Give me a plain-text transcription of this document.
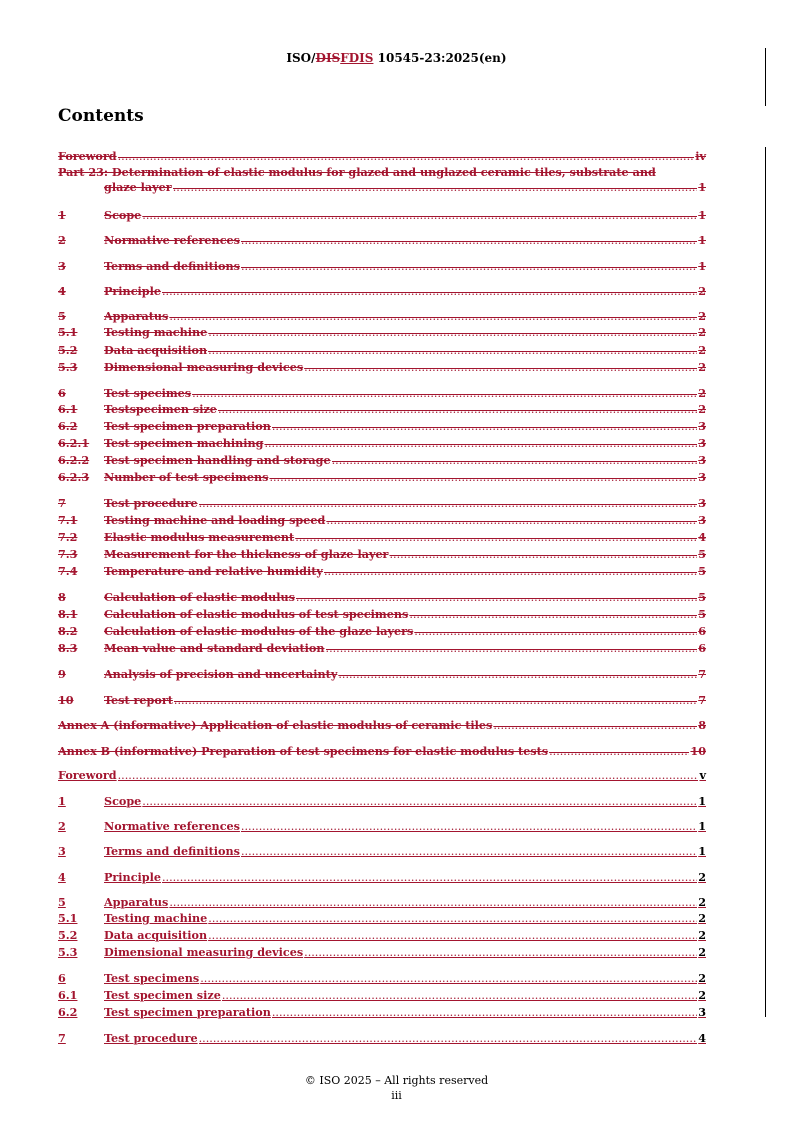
ISO/DISFDIS 10545-23:2025(en)
Contents
Foreword .....	iv
Part 23: Determination of elastic modulus for glazed and unglazed ceramic tiles, substrate and
glaze layer .....	1
1	Scope .....	1
2	Normative references .....	1
3	Terms and definitions .....	1
4	Principle .....	2
5	Apparatus .....	2
5.1	Testing machine .....	2
5.2	Data acquisition .....	2
5.3	Dimensional measuring devices .....	2
6	Test specimes .....	2
6.1	Testspecimen size .....	2
6.2	Test specimen preparation .....	3
6.2.1	Test specimen machining .....	3
6.2.2	Test specimen handling and storage .....	3
6.2.3	Number of test specimens .....	3
7	Test procedure .....	3
7.1	Testing machine and loading speed .....	3
7.2	Elastic modulus measurement .....	4
7.3	Measurement for the thickness of glaze layer .....	5
7.4	Temperature and relative humidity .....	5
8	Calculation of elastic modulus .....	5
8.1	Calculation of elastic modulus of test specimens .....	5
8.2	Calculation of elastic modulus of the glaze layers .....	6
8.3	Mean value and standard deviation .....	6
9	Analysis of precision and uncertainty .....	7
10	Test report .....	7
Annex A (informative) Application of elastic modulus of ceramic tiles .....	8
Annex B (informative) Preparation of test specimens for elastic modulus tests .....	10
Foreword .....	v
1	Scope .....	1
2	Normative references .....	1
3	Terms and definitions .....	1
4	Principle .....	2
5	Apparatus .....	2
5.1	Testing machine .....	2
5.2	Data acquisition .....	2
5.3	Dimensional measuring devices .....	2
6	Test specimens .....	2
6.1	Test specimen size .....	2
6.2	Test specimen preparation .....	3
7	Test procedure .....	4
© ISO 2025 – All rights reserved
iii
